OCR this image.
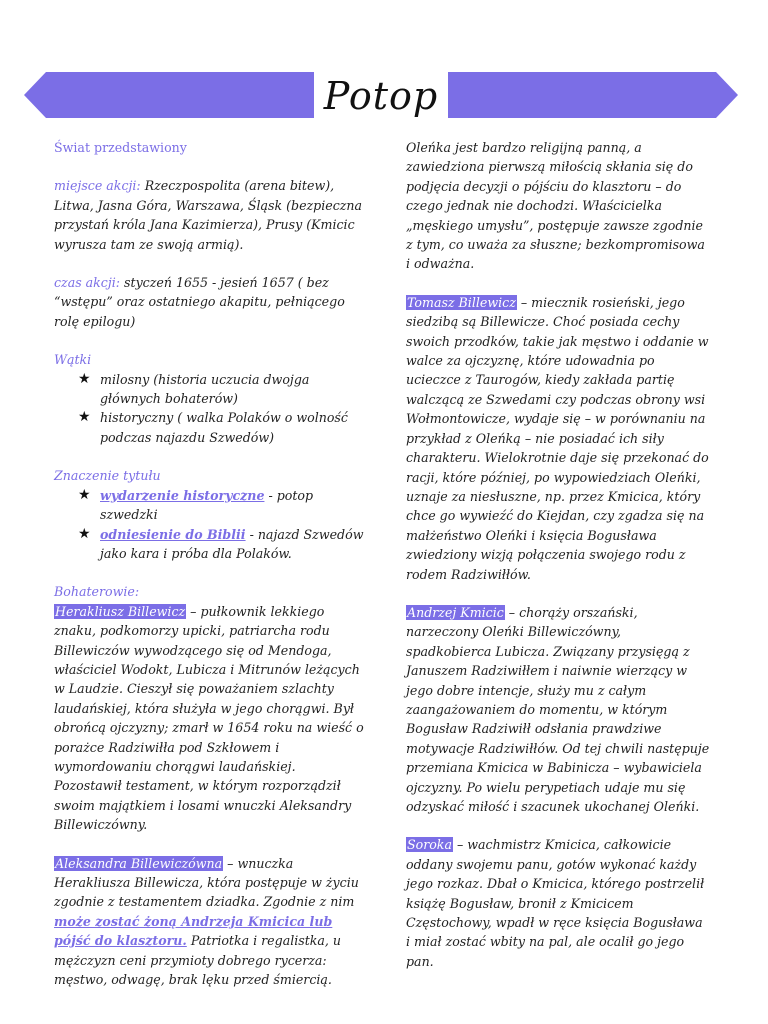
Potop

Świat przedstawiony

miejsce akcji: Rzeczpospolita (arena bitew), Litwa, Jasna Góra, Warszawa, Śląsk (bezpieczna przystań króla Jana Kazimierza), Prusy (Kmicic wyrusza tam ze swoją armią).

czas akcji: styczeń 1655 - jesień 1657 ( bez “wstępu” oraz ostatniego akapitu, pełniącego rolę epilogu)

Wątki

★ milosny (historia uczucia dwojga głównych bohaterów)
★ historyczny ( walka Polaków o wolność podczas najazdu Szwedów)

Znaczenie tytułu

★ wydarzenie historyczne - potop szwedzki
★ odniesienie do Biblii - najazd Szwedów jako kara i próba dla Polaków.

Bohaterowie:

Herakliusz Billewicz – pułkownik lekkiego znaku, podkomorzy upicki, patriarcha rodu Billewiczów wywodzącego się od Mendoga, właściciel Wodokt, Lubicza i Mitrunów leżących w Laudzie. Cieszył się poważaniem szlachty laudańskiej, która służyła w jego chorągwi. Był obrońcą ojczyzny; zmarł w 1654 roku na wieść o porażce Radziwiłła pod Szkłowem i wymordowaniu chorągwi laudańskiej. Pozostawił testament, w którym rozporządził swoim majątkiem i losami wnuczki Aleksandry Billewiczówny.

Aleksandra Billewiczówna – wnuczka Herakliusza Billewicza, która postępuje w życiu zgodnie z testamentem dziadka. Zgodnie z nim może zostać żoną Andrzeja Kmicica lub pójść do klasztoru. Patriotka i regalistka, u mężczyzn ceni przymioty dobrego rycerza: męstwo, odwagę, brak lęku przed śmiercią.

Oleńka jest bardzo religijną panną, a zawiedziona pierwszą miłością skłania się do podjęcia decyzji o pójściu do klasztoru – do czego jednak nie dochodzi. Właścicielka „męskiego umysłu”, postępuje zawsze zgodnie z tym, co uważa za słuszne; bezkompromisowa i odważna.

Tomasz Billewicz – miecznik rosieński, jego siedzibą są Billewicze. Choć posiada cechy swoich przodków, takie jak męstwo i oddanie w walce za ojczyznę, które udowadnia po ucieczce z Taurogów, kiedy zakłada partię walczącą ze Szwedami czy podczas obrony wsi Wołmontowicze, wydaje się – w porównaniu na przykład z Oleńką – nie posiadać ich siły charakteru. Wielokrotnie daje się przekonać do racji, które później, po wypowiedziach Oleńki, uznaje za niesłuszne, np. przez Kmicica, który chce go wywieźć do Kiejdan, czy zgadza się na małżeństwo Oleńki i księcia Bogusława zwiedziony wizją połączenia swojego rodu z rodem Radziwiłłów.

Andrzej Kmicic – chorąży orszański, narzeczony Oleńki Billewiczówny, spadkobierca Lubicza. Związany przysięgą z Januszem Radziwiłłem i naiwnie wierzący w jego dobre intencje, służy mu z całym zaangażowaniem do momentu, w którym Bogusław Radziwiłł odsłania prawdziwe motywacje Radziwiłłów. Od tej chwili następuje przemiana Kmicica w Babinicza – wybawiciela ojczyzny. Po wielu perypetiach udaje mu się odzyskać miłość i szacunek ukochanej Oleńki.

Soroka – wachmistrz Kmicica, całkowicie oddany swojemu panu, gotów wykonać każdy jego rozkaz. Dbał o Kmicica, którego postrzelił książę Bogusław, bronił z Kmicicem Częstochowy, wpadł w ręce księcia Bogusława i miał zostać wbity na pal, ale ocalił go jego pan.
